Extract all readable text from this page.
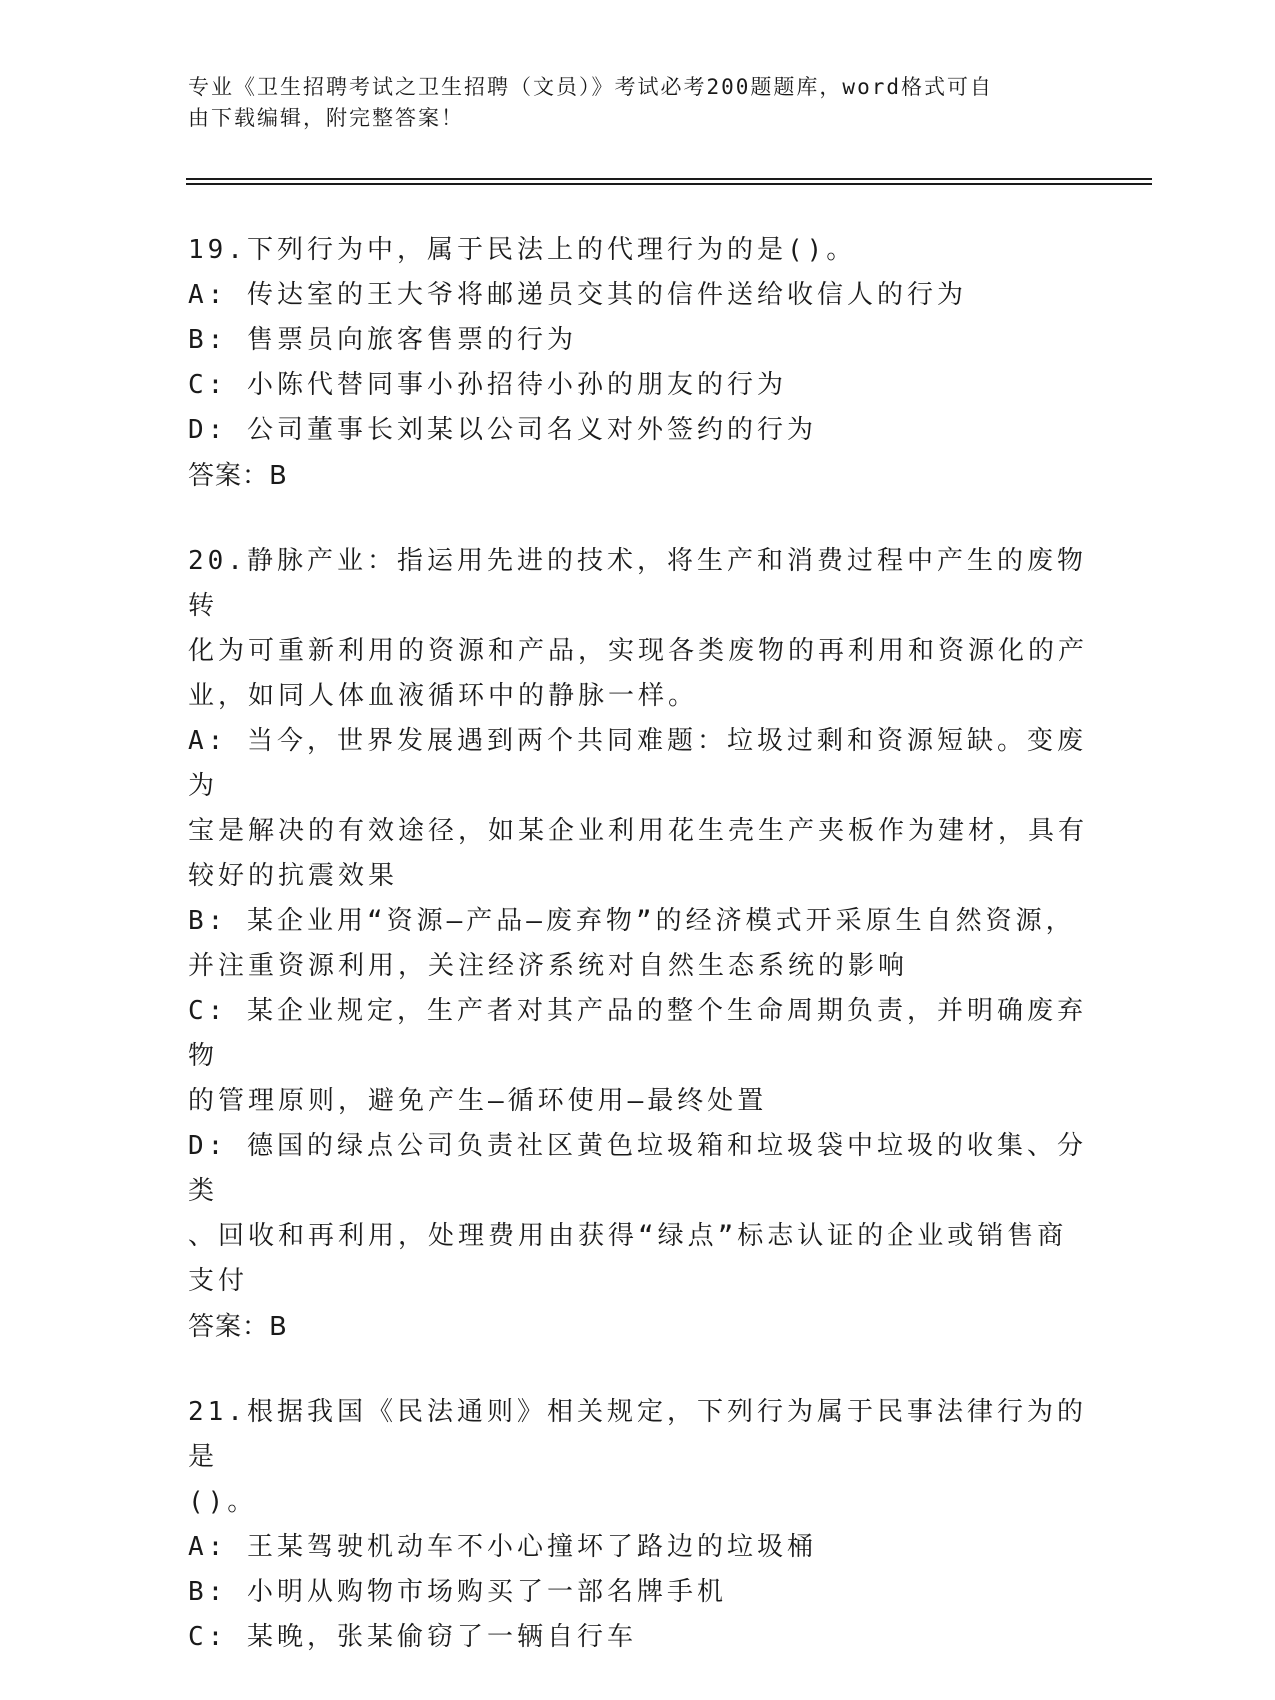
专业《卫生招聘考试之卫生招聘（文员）》考试必考200题题库，word格式可自
由下载编辑，附完整答案！
19.下列行为中，属于民法上的代理行为的是()。
A: 传达室的王大爷将邮递员交其的信件送给收信人的行为
B: 售票员向旅客售票的行为
C: 小陈代替同事小孙招待小孙的朋友的行为
D: 公司董事长刘某以公司名义对外签约的行为
答案：B
20.静脉产业：指运用先进的技术，将生产和消费过程中产生的废物转
化为可重新利用的资源和产品，实现各类废物的再利用和资源化的产
业，如同人体血液循环中的静脉一样。
A: 当今，世界发展遇到两个共同难题：垃圾过剩和资源短缺。变废为
宝是解决的有效途径，如某企业利用花生壳生产夹板作为建材，具有
较好的抗震效果
B: 某企业用“资源—产品—废弃物”的经济模式开采原生自然资源，
并注重资源利用，关注经济系统对自然生态系统的影响
C: 某企业规定，生产者对其产品的整个生命周期负责，并明确废弃物
的管理原则，避免产生—循环使用—最终处置
D: 德国的绿点公司负责社区黄色垃圾箱和垃圾袋中垃圾的收集、分类
、回收和再利用，处理费用由获得“绿点”标志认证的企业或销售商
支付
答案：B
21.根据我国《民法通则》相关规定，下列行为属于民事法律行为的是
()。
A: 王某驾驶机动车不小心撞坏了路边的垃圾桶
B: 小明从购物市场购买了一部名牌手机
C: 某晚，张某偷窃了一辆自行车
